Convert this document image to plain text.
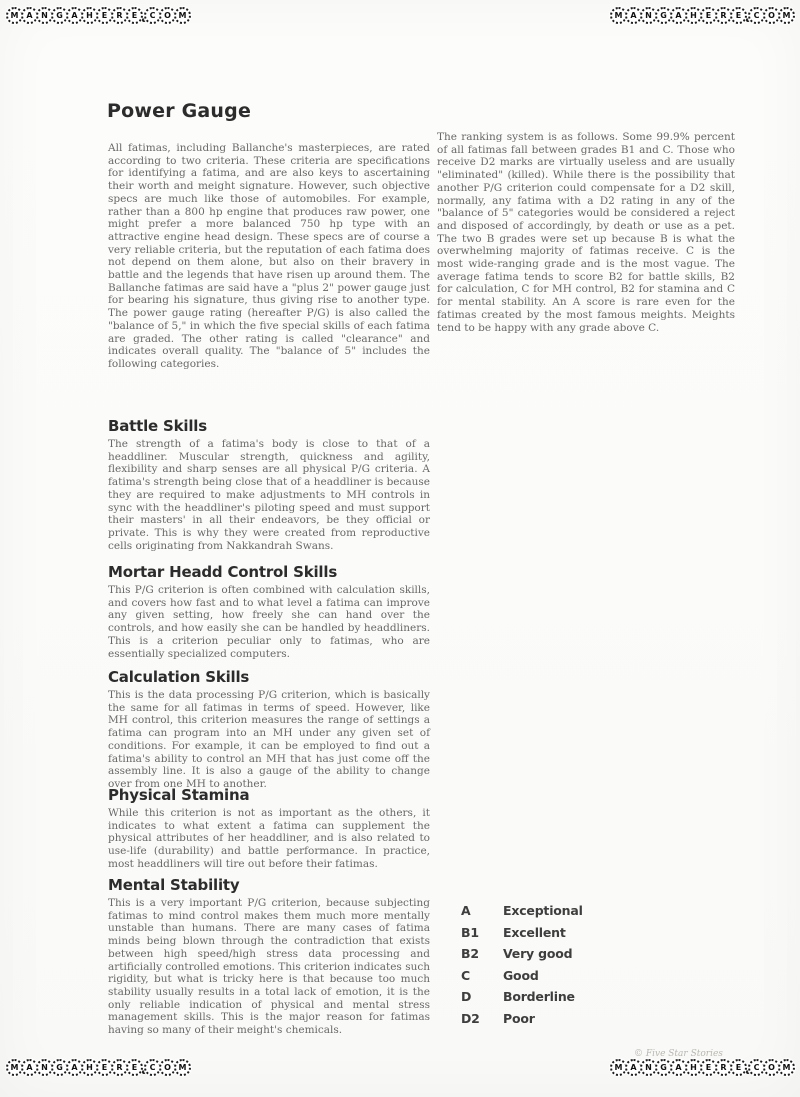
M A	N	G	A	H	E	R	E	C	O M	M A	N	G	A	H	E	R	E	C	O M
M A	N	G	A	H	E	R	E	C	O M	M A	N	G	A	H	E	R	E	C	O M
Power Gauge
All fatimas, including Ballanche's masterpieces, are rated according to two criteria. These criteria are specifications for identifying a fatima, and are also keys to ascertaining their worth and meight signature. However, such objective specs are much like those of automobiles. For example, rather than a 800 hp engine that produces raw power, one might prefer a more balanced 750 hp type with an attractive engine head design. These specs are of course a very reliable criteria, but the reputation of each fatima does not depend on them alone, but also on their bravery in battle and the legends that have risen up around them. The Ballanche fatimas are said have a "plus 2" power gauge just for bearing his signature, thus giving rise to another type. The power gauge rating (hereafter P/G) is also called the "balance of 5," in which the five special skills of each fatima are graded. The other rating is called "clearance" and indicates overall quality. The "balance of 5" includes the following categories.
The ranking system is as follows. Some 99.9% percent of all fatimas fall between grades B1 and C. Those who receive D2 marks are virtually useless and are usually "eliminated" (killed). While there is the possibility that another P/G criterion could compensate for a D2 skill, normally, any fatima with a D2 rating in any of the "balance of 5" categories would be considered a reject and disposed of accordingly, by death or use as a pet. The two B grades were set up because B is what the overwhelming majority of fatimas receive. C is the most wide-ranging grade and is the most vague. The average fatima tends to score B2 for battle skills, B2 for calculation, C for MH control, B2 for stamina and C for mental stability. An A score is rare even for the fatimas created by the most famous meights. Meights tend to be happy with any grade above C.
Battle Skills

The strength of a fatima's body is close to that of a headdliner. Muscular strength, quickness and agility, flexibility and sharp senses are all physical P/G criteria. A fatima's strength being close that of a headdliner is because they are required to make adjustments to MH controls in sync with the headdliner's piloting speed and must support their masters' in all their endeavors, be they official or private. This is why they were created from reproductive cells originating from Nakkandrah Swans.

Mortar Headd Control Skills

This P/G criterion is often combined with calculation skills, and covers how fast and to what level a fatima can improve any given setting, how freely she can hand over the controls, and how easily she can be handled by headdliners. This is a criterion peculiar only to fatimas, who are essentially specialized computers.

Calculation Skills

This is the data processing P/G criterion, which is basically the same for all fatimas in terms of speed. However, like MH control, this criterion measures the range of settings a fatima can program into an MH under any given set of conditions. For example, it can be employed to find out a fatima's ability to control an MH that has just come off the assembly line. It is also a gauge of the ability to change over from one MH to another.

Physical Stamina

While this criterion is not as important as the others, it indicates to what extent a fatima can supplement the physical attributes of her headdliner, and is also related to use-life (durability) and battle performance. In practice, most headdliners will tire out before their fatimas.

Mental Stability

This is a very important P/G criterion, because subjecting fatimas to mind control makes them much more mentally unstable than humans. There are many cases of fatima minds being blown through the contradiction that exists between high speed/high stress data processing and artificially controlled emotions. This criterion indicates such rigidity, but what is tricky here is that because too much stability usually results in a total lack of emotion, it is the only reliable indication of physical and mental stress management skills. This is the major reason for fatimas having so many of their meight's chemicals.

A	Exceptional
B1	Excellent
B2	Very good
C	Good
D	Borderline
D2	Poor
© Five Star Stories
